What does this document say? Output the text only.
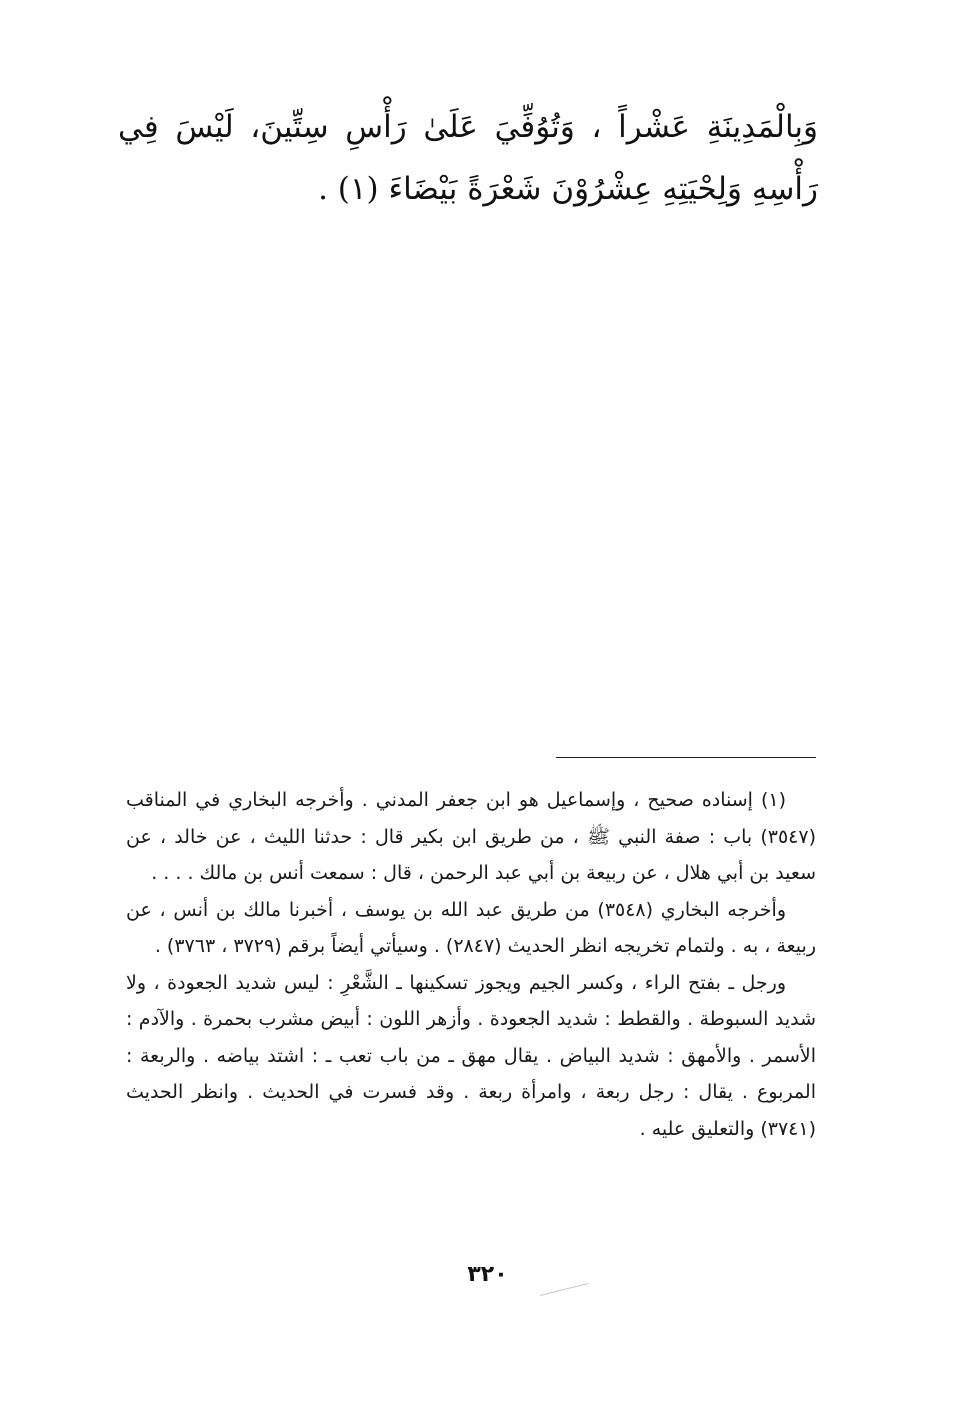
وَبِالْمَدِينَةِ عَشْراً ، وَتُوُفِّيَ عَلَىٰ رَأْسِ سِتِّينَ، لَيْسَ فِي رَأْسِهِ وَلِحْيَتِهِ عِشْرُوْنَ شَعْرَةً بَيْضَاءَ (١) .

(١) إسناده صحيح ، وإسماعيل هو ابن جعفر المدني . وأخرجه البخاري في المناقب (٣٥٤٧) باب : صفة النبي ﷺ ، من طريق ابن بكير قال : حدثنا الليث ، عن خالد ، عن سعيد بن أبي هلال ، عن ربيعة بن أبي عبد الرحمن ، قال : سمعت أنس بن مالك . . . .

وأخرجه البخاري (٣٥٤٨) من طريق عبد الله بن يوسف ، أخبرنا مالك بن أنس ، عن ربيعة ، به . ولتمام تخريجه انظر الحديث (٢٨٤٧) . وسيأتي أيضاً برقم (٣٧٢٩ ، ٣٧٦٣) .

ورجل ـ بفتح الراء ، وكسر الجيم ويجوز تسكينها ـ الشَّعْرِ : ليس شديد الجعودة ، ولا شديد السبوطة . والقطط : شديد الجعودة . وأزهر اللون : أبيض مشرب بحمرة . والآدم : الأسمر . والأمهق : شديد البياض . يقال مهق ـ من باب تعب ـ : اشتد بياضه . والربعة : المربوع . يقال : رجل ربعة ، وامرأة ربعة . وقد فسرت في الحديث . وانظر الحديث (٣٧٤١) والتعليق عليه .

٣٢٠
